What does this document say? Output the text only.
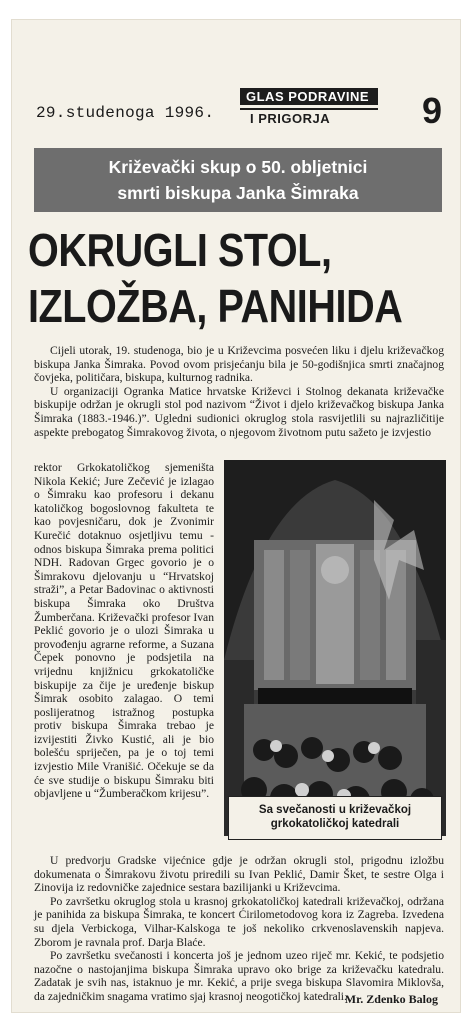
29.studenoga 1996.
GLAS PODRAVINE
I PRIGORJA	9
Križevački skup o 50. obljetnici
smrti biskupa Janka Šimraka
OKRUGLI STOL,
IZLOŽBA, PANIHIDA

Cijeli utorak, 19. studenoga, bio je u Križevcima posvećen liku i djelu križevačkog biskupa Janka Šimraka. Povod ovom prisjećanju bila je 50-godišnjica smrti značajnog čovjeka, političara, biskupa, kulturnog radnika.

U organizaciji Ogranka Matice hrvatske Križevci i Stolnog dekanata križevačke biskupije održan je okrugli stol pod nazivom “Život i djelo križevačkog biskupa Janka Šimraka (1883.-1946.)”. Ugledni sudionici okruglog stola rasvijetlili su najrazličitije aspekte prebogatog Šimrakovog života, o njegovom životnom putu sažeto je izvjestio

rektor Grkokatoličkog sjemeništa Nikola Kekić; Jure Zečević je izlagao o Šimraku kao profesoru i dekanu katoličkog bogoslovnog fakulteta te kao povjesničaru, dok je Zvonimir Kurečić dotaknuo osjetljivu temu - odnos biskupa Šimraka prema politici NDH. Radovan Grgec govorio je o Šimrakovu djelovanju u “Hrvatskoj straži”, a Petar Badovinac o aktivnosti biskupa Šimraka oko Društva Žumberčana. Križevački profesor Ivan Peklić govorio je o ulozi Šimraka u provođenju agrarne reforme, a Suzana Čepek ponovno je podsjetila na vrijednu knjižnicu grkokatoličke biskupije za čije je uređenje biskup Šimrak osobito zalagao. O temi poslijeratnog istražnog postupka protiv biskupa Šimraka trebao je izvijestiti Živko Kustić, ali je bio bolešću spriječen, pa je o toj temi izvjestio Mile Vranišić. Očekuje se da će sve studije o biskupu Šimraku biti objavljene u “Žumberačkom krijesu”.

Sa svečanosti u križevačkoj
grkokatoličkoj katedrali

U predvorju Gradske vijećnice gdje je održan okrugli stol, prigodnu izložbu dokumenata o Šimrakovu životu priredili su Ivan Peklić, Damir Šket, te sestre Olga i Zinovija iz redovničke zajednice sestara bazilijanki u Križevcima.

Po završetku okruglog stola u krasnoj grkokatoličkoj katedrali križevačkoj, održana je panihida za biskupa Šimraka, te koncert Ćirilometodovog kora iz Zagreba. Izvedena su djela Verbickoga, Vilhar-Kalskoga te još nekoliko crkvenoslavenskih napjeva. Zborom je ravnala prof. Darja Blaće.

Po završetku svečanosti i koncerta još je jednom uzeo riječ mr. Kekić, te podsjetio nazočne o nastojanjima biskupa Šimraka upravo oko brige za križevačku katedralu. Zadatak je svih nas, istaknuo je mr. Kekić, a prije svega biskupa Slavomira Miklovša, da zajedničkim snagama vratimo sjaj krasnoj neogotičkoj katedrali.

Mr. Zdenko Balog
